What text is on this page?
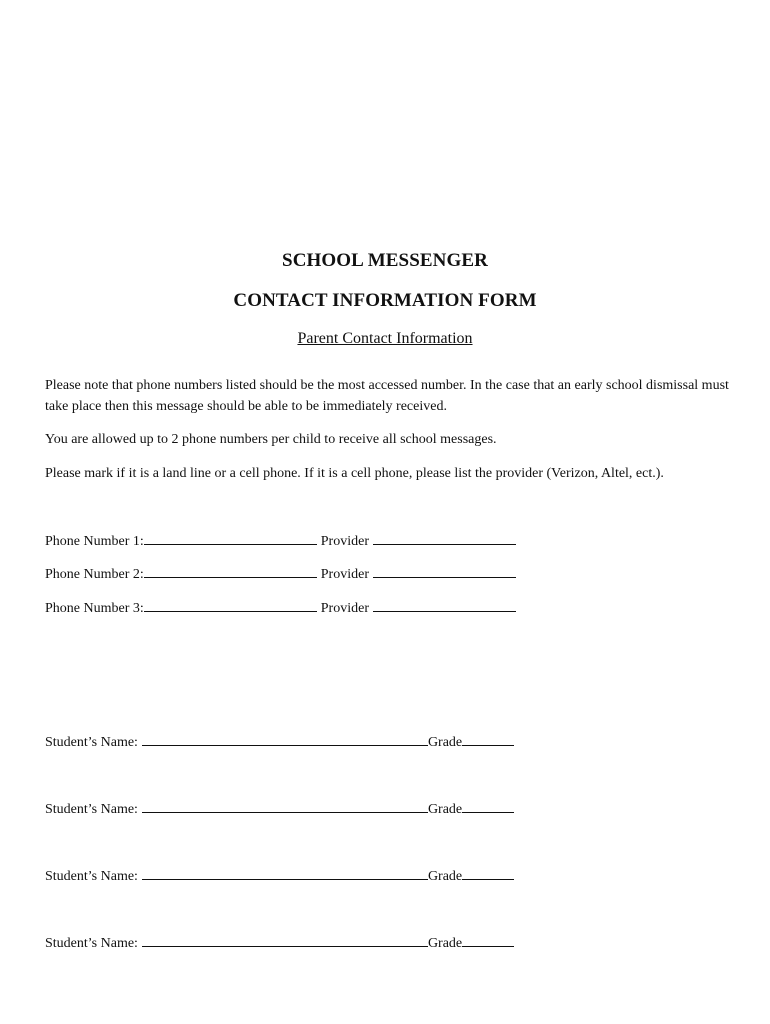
SCHOOL MESSENGER
CONTACT INFORMATION FORM
Parent Contact Information
Please note that phone numbers listed should be the most accessed number. In the case that an early school dismissal must take place then this message should be able to be immediately received.
You are allowed up to 2 phone numbers per child to receive all school messages.
Please mark if it is a land line or a cell phone. If it is a cell phone, please list the provider (Verizon, Altel, ect.).
Phone Number 1:	Provider
Phone Number 2:	Provider
Phone Number 3:	Provider
Student’s Name:	Grade
Student’s Name:	Grade
Student’s Name:	Grade
Student’s Name:	Grade
